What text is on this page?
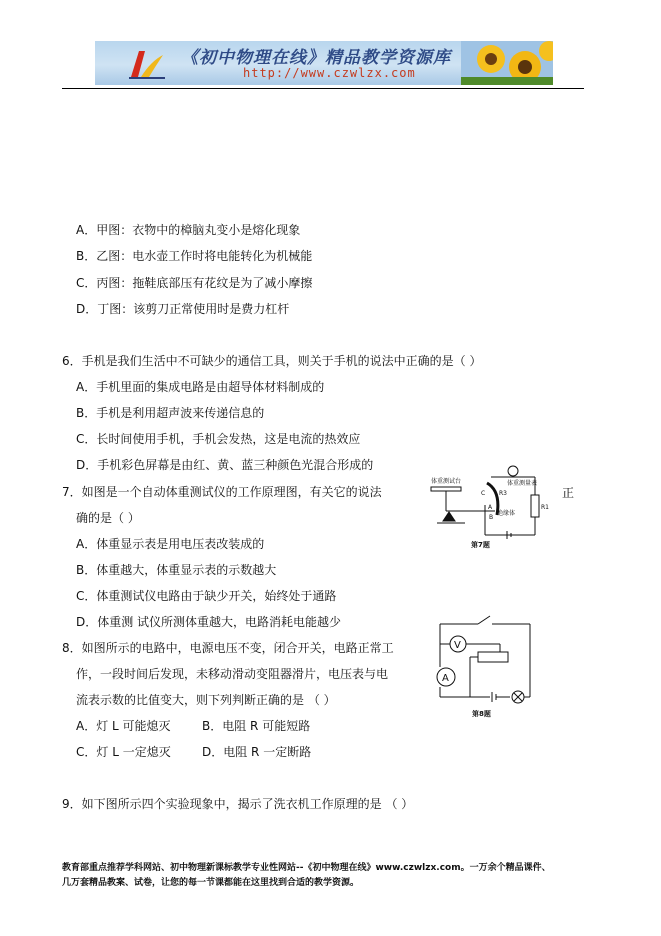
《初中物理在线》精品教学资源库
http://www.czwlzx.com
A．甲图：衣物中的樟脑丸变小是熔化现象
B．乙图：电水壶工作时将电能转化为机械能
C．丙图：拖鞋底部压有花纹是为了减小摩擦
D．丁图：该剪刀正常使用时是费力杠杆
6．手机是我们生活中不可缺少的通信工具，则关于手机的说法中正确的是（ ）
A．手机里面的集成电路是由超导体材料制成的
B．手机是利用超声波来传递信息的
C．长时间使用手机，手机会发热，这是电流的热效应
D．手机彩色屏幕是由红、黄、蓝三种颜色光混合形成的
7．如图是一个自动体重测试仪的工作原理图，有关它的说法	正
确的是（ ）
A．体重显示表是用电压表改装成的
B．体重越大，体重显示表的示数越大
C．体重测试仪电路由于缺少开关，始终处于通路
D．体重测 试仪所测体重越大，电路消耗电能越少
体重测试台	体重测量表
R3
R1
绝缘体
C
A
B
第7题
8．如图所示的电路中，电源电压不变，闭合开关，电路正常工
作，一段时间后发现，未移动滑动变阻器滑片，电压表与电
流表示数的比值变大，则下列判断正确的是 （ ）
A．灯 L 可能熄灭	B．电阻 R 可能短路
C．灯 L 一定熄灭	D．电阻 R 一定断路
V
A
第8题
9．如下图所示四个实验现象中，揭示了洗衣机工作原理的是 （ ）
教育部重点推荐学科网站、初中物理新课标教学专业性网站--《初中物理在线》www.czwlzx.com。一万余个精品课件、
几万套精品教案、试卷，让您的每一节课都能在这里找到合适的教学资源。
